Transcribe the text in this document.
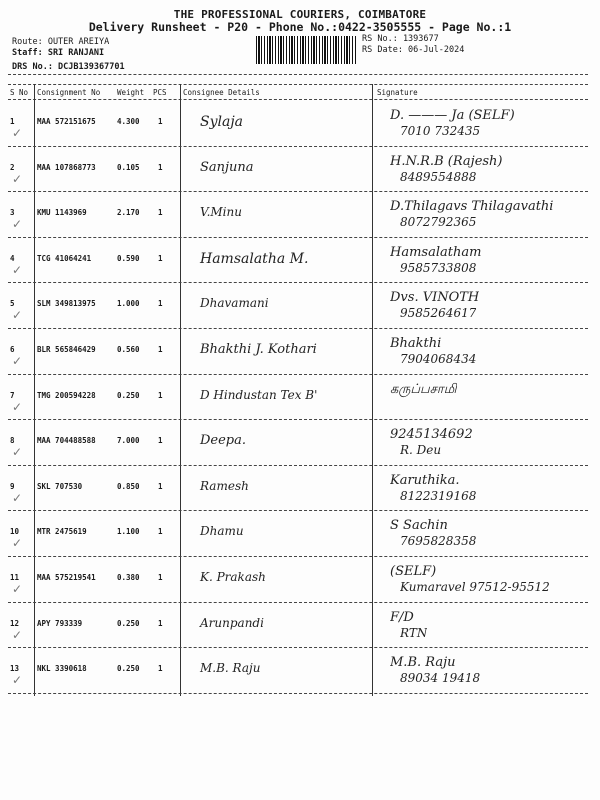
THE PROFESSIONAL COURIERS, COIMBATORE
Delivery Runsheet - P20 - Phone No.:0422-3505555 - Page No.:1
Route: OUTER AREIYA
Staff: SRI RANJANI
DRS No.: DCJB139367701
RS No.: 1393677
RS Date: 06-Jul-2024
S No Consignment No Weight PCS Consignee Details	Signature
1	MAA 572151675	4.300 1	Sylaja	D. ——— Ja (SELF)
7010 732435
✓
2	MAA 107868773	0.105 1	Sanjuna	H.N.R.B (Rajesh)
8489554888
✓
3	KMU 1143969	2.170 1	V.Minu	D.Thilagavs Thilagavathi
8072792365
✓
4	TCG 41064241	0.590 1	Hamsalatha M.	Hamsalatham
9585733808
✓
5	SLM 349813975	1.000 1	Dhavamani	Dvs. VINOTH
9585264617
✓
6	BLR 565846429	0.560 1	Bhakthi J. Kothari	Bhakthi
7904068434
✓
7	TMG 200594228	0.250 1	D Hindustan Tex B'	கருப்பசாமி
✓
8	MAA 704488588	7.000 1	Deepa.	9245134692
R. Deu
✓
9	SKL 707530	0.850 1	Ramesh	Karuthika.
8122319168
✓
10 MTR 2475619	1.100 1	Dhamu	S Sachin
7695828358
✓
11 MAA 575219541	0.380 1	K. Prakash	(SELF)
Kumaravel 97512-95512
✓
12 APY 793339	0.250 1	Arunpandi	F/D
RTN
✓
13 NKL 3390618	0.250 1	M.B. Raju	M.B. Raju
89034 19418
✓
